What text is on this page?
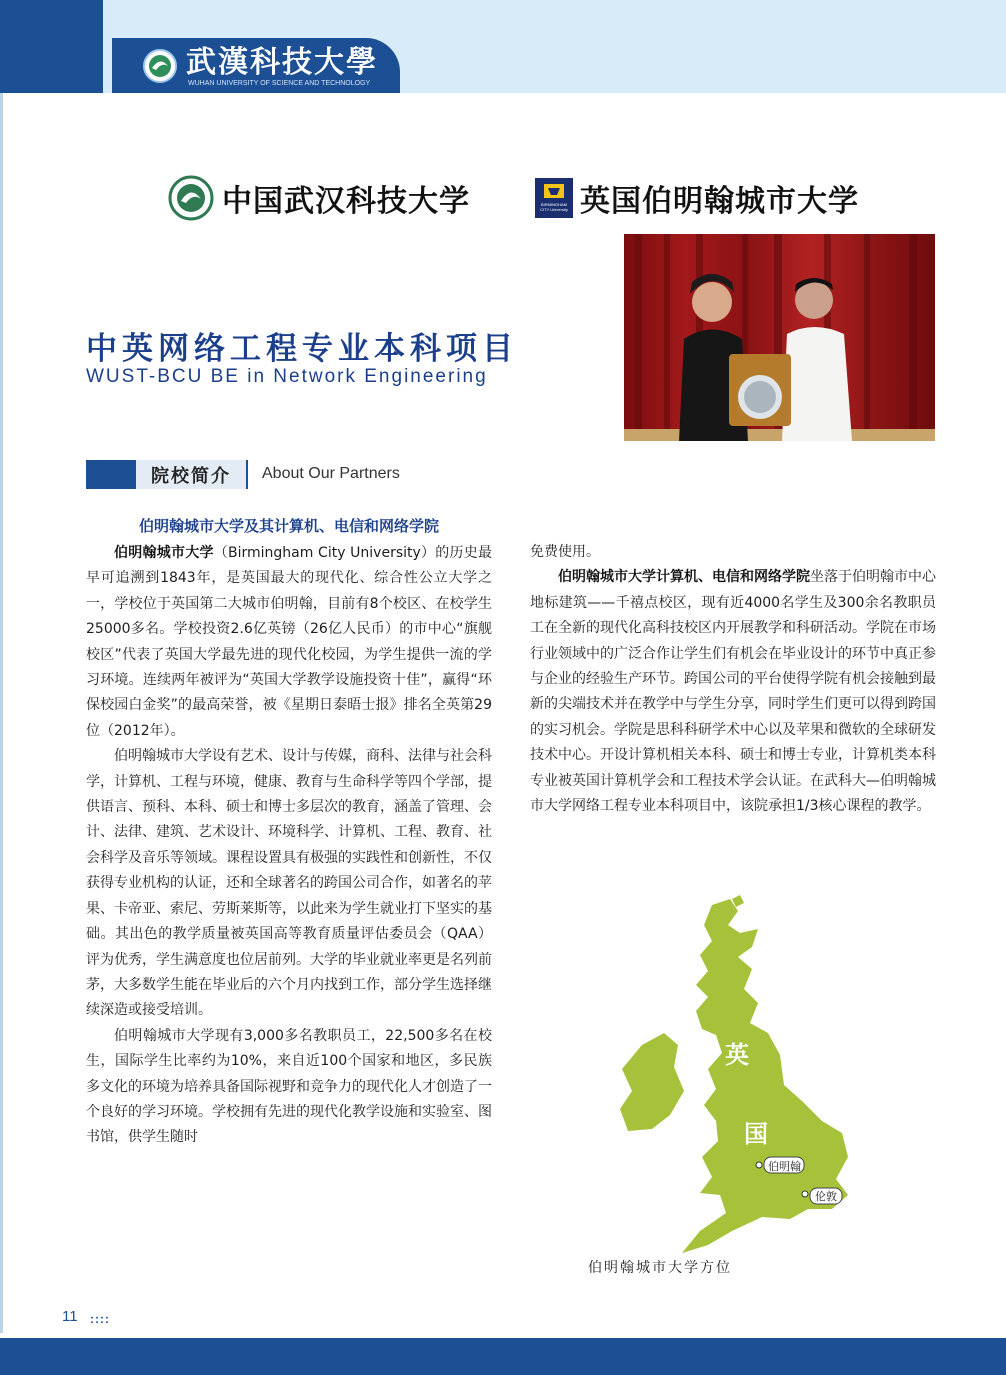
武漢科技大學
WUHAN UNIVERSITY OF SCIENCE AND TECHNOLOGY
中国武汉科技大学	BIRMINGHAM CITY University 英国伯明翰城市大学
中英网络工程专业本科项目
WUST-BCU BE in Network Engineering
院校简介	About Our Partners
伯明翰城市大学及其计算机、电信和网络学院

伯明翰城市大学（Birmingham City University）的历史最早可追溯到1843年，是英国最大的现代化、综合性公立大学之一，学校位于英国第二大城市伯明翰，目前有8个校区、在校学生25000多名。学校投资2.6亿英镑（26亿人民币）的市中心“旗舰校区”代表了英国大学最先进的现代化校园，为学生提供一流的学习环境。连续两年被评为“英国大学教学设施投资十佳”，赢得“环保校园白金奖”的最高荣誉，被《星期日泰晤士报》排名全英第29位（2012年）。

伯明翰城市大学设有艺术、设计与传媒，商科、法律与社会科学，计算机、工程与环境，健康、教育与生命科学等四个学部，提供语言、预科、本科、硕士和博士多层次的教育，涵盖了管理、会计、法律、建筑、艺术设计、环境科学、计算机、工程、教育、社会科学及音乐等领域。课程设置具有极强的实践性和创新性，不仅获得专业机构的认证，还和全球著名的跨国公司合作，如著名的苹果、卡帝亚、索尼、劳斯莱斯等，以此来为学生就业打下坚实的基础。其出色的教学质量被英国高等教育质量评估委员会（QAA）评为优秀，学生满意度也位居前列。大学的毕业就业率更是名列前茅，大多数学生能在毕业后的六个月内找到工作，部分学生选择继续深造或接受培训。

伯明翰城市大学现有3,000多名教职员工，22,500多名在校生，国际学生比率约为10%，来自近100个国家和地区，多民族多文化的环境为培养具备国际视野和竞争力的现代化人才创造了一个良好的学习环境。学校拥有先进的现代化教学设施和实验室、图书馆，供学生随时

免费使用。

伯明翰城市大学计算机、电信和网络学院坐落于伯明翰市中心地标建筑——千禧点校区，现有近4000名学生及300余名教职员工在全新的现代化高科技校区内开展教学和科研活动。学院在市场行业领域中的广泛合作让学生们有机会在毕业设计的环节中真正参与企业的经验生产环节。跨国公司的平台使得学院有机会接触到最新的尖端技术并在教学中与学生分享，同时学生们更可以得到跨国的实习机会。学院是思科科研学术中心以及苹果和微软的全球研发技术中心。开设计算机相关本科、硕士和博士专业，计算机类本科专业被英国计算机学会和工程技术学会认证。在武科大—伯明翰城市大学网络工程专业本科项目中，该院承担1/3核心课程的教学。

英
国
伯明翰
伦敦
伯明翰城市大学方位
11 ::::
